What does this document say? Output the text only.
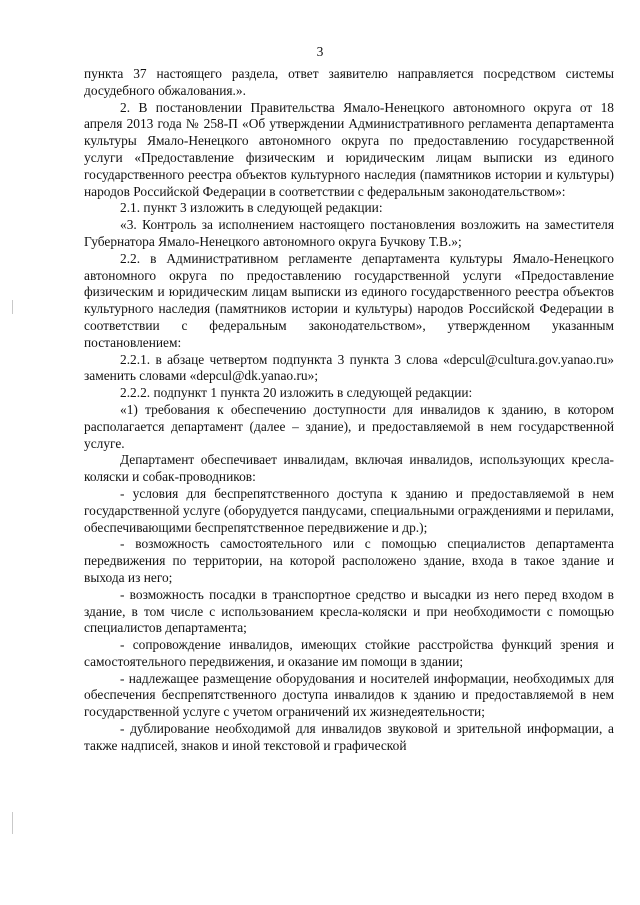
3

пункта 37 настоящего раздела, ответ заявителю направляется посредством системы досудебного обжалования.».

2. В постановлении Правительства Ямало-Ненецкого автономного округа от 18 апреля 2013 года № 258-П «Об утверждении Административного регламента департамента культуры Ямало-Ненецкого автономного округа по предоставлению государственной услуги «Предоставление физическим и юридическим лицам выписки из единого государственного реестра объектов культурного наследия (памятников истории и культуры) народов Российской Федерации в соответствии с федеральным законодательством»:

2.1. пункт 3 изложить в следующей редакции:

«3. Контроль за исполнением настоящего постановления возложить на заместителя Губернатора Ямало-Ненецкого автономного округа Бучкову Т.В.»;

2.2. в Административном регламенте департамента культуры Ямало-Ненецкого автономного округа по предоставлению государственной услуги «Предоставление физическим и юридическим лицам выписки из единого государственного реестра объектов культурного наследия (памятников истории и культуры) народов Российской Федерации в соответствии с федеральным законодательством», утвержденном указанным постановлением:

2.2.1. в абзаце четвертом подпункта 3 пункта 3 слова «depcul@cultura.gov.yanao.ru» заменить словами «depcul@dk.yanao.ru»;

2.2.2. подпункт 1 пункта 20 изложить в следующей редакции:

«1) требования к обеспечению доступности для инвалидов к зданию, в котором располагается департамент (далее – здание), и предоставляемой в нем государственной услуге.

Департамент обеспечивает инвалидам, включая инвалидов, использующих кресла-коляски и собак-проводников:

- условия для беспрепятственного доступа к зданию и предоставляемой в нем государственной услуге (оборудуется пандусами, специальными ограждениями и перилами, обеспечивающими беспрепятственное передвижение и др.);

- возможность самостоятельного или с помощью специалистов департамента передвижения по территории, на которой расположено здание, входа в такое здание и выхода из него;

- возможность посадки в транспортное средство и высадки из него перед входом в здание, в том числе с использованием кресла-коляски и при необходимости с помощью специалистов департамента;

- сопровождение инвалидов, имеющих стойкие расстройства функций зрения и самостоятельного передвижения, и оказание им помощи в здании;

- надлежащее размещение оборудования и носителей информации, необходимых для обеспечения беспрепятственного доступа инвалидов к зданию и предоставляемой в нем государственной услуге с учетом ограничений их жизнедеятельности;

- дублирование необходимой для инвалидов звуковой и зрительной информации, а также надписей, знаков и иной текстовой и графической
